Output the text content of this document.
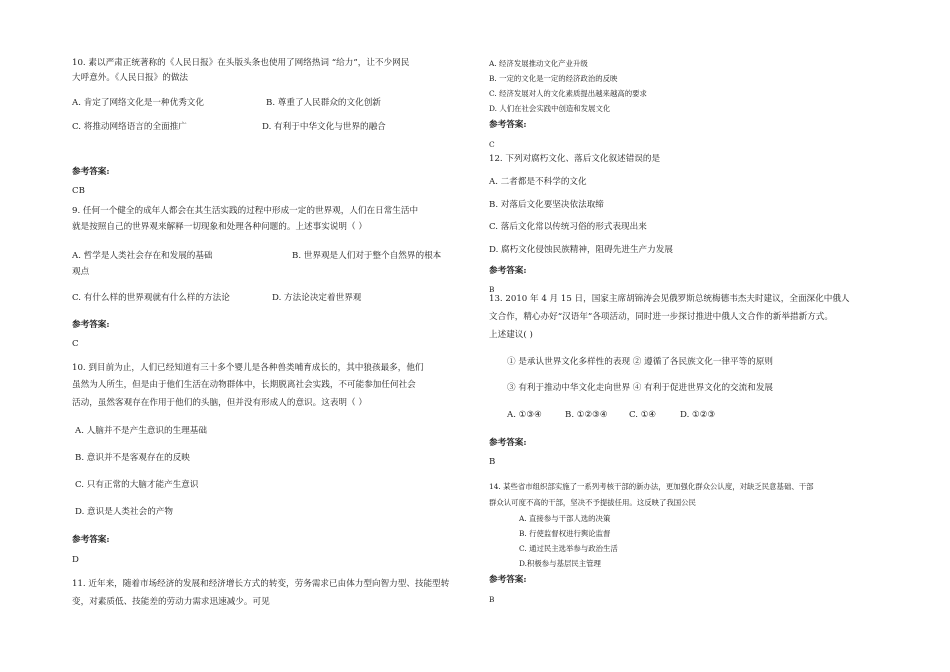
10. 素以严肃正统著称的《人民日报》在头版头条也使用了网络热词 “给力”，让不少网民
大呼意外。《人民日报》的做法
A. 肯定了网络文化是一种优秀文化	B. 尊重了人民群众的文化创新
C. 将推动网络语言的全面推广	D. 有利于中华文化与世界的融合
参考答案:
CB
9. 任何一个健全的成年人都会在其生活实践的过程中形成一定的世界观，人们在日常生活中
就是按照自己的世界观来解释一切现象和处理各种问题的。上述事实说明（ ）
A. 哲学是人类社会存在和发展的基础	B. 世界观是人们对于整个自然界的根本
观点
C. 有什么样的世界观就有什么样的方法论	D. 方法论决定着世界观
参考答案:
C
10. 到目前为止，人们已经知道有三十多个婴儿是各种兽类哺育成长的，其中狼孩最多，他们
虽然为人所生，但是由于他们生活在动物群体中，长期脱离社会实践，不可能参加任何社会
活动，虽然客观存在作用于他们的头脑，但并没有形成人的意识。这表明（ ）
A. 人脑并不是产生意识的生理基础
B. 意识并不是客观存在的反映
C. 只有正常的大脑才能产生意识
D. 意识是人类社会的产物
参考答案:
D
11. 近年来，随着市场经济的发展和经济增长方式的转变，劳务需求已由体力型向智力型、技能型转
变，对素质低、技能差的劳动力需求迅速减少。可见
A. 经济发展推动文化产业升级
B. 一定的文化是一定的经济政治的反映
C. 经济发展对人的文化素质提出越来越高的要求
D. 人们在社会实践中创造和发展文化
参考答案:
C
12. 下列对腐朽文化、落后文化叙述错误的是
A. 二者都是不科学的文化
B. 对落后文化要坚决依法取缔
C. 落后文化常以传统习俗的形式表现出来
D. 腐朽文化侵蚀民族精神，阻碍先进生产力发展
参考答案:
B
13. 2010 年 4 月 15 日，国家主席胡锦涛会见俄罗斯总统梅德韦杰夫时建议，全面深化中俄人
文合作，精心办好“汉语年”各项活动，同时进一步探讨推进中俄人文合作的新举措新方式。
上述建议( )
① 是承认世界文化多样性的表现 ② 遵循了各民族文化一律平等的原则
③ 有利于推动中华文化走向世界 ④ 有利于促进世界文化的交流和发展
A. ①③④	B. ①②③④ C. ①④	D. ①②③
参考答案:
B
14. 某些省市组织部实施了一系列考核干部的新办法，更加强化群众公认度，对缺乏民意基础、干部
群众认可度不高的干部，坚决不予提拔任用。这反映了我国公民
A. 直接参与干部人选的决策
B. 行使监督权进行舆论监督
C. 通过民主选举参与政治生活
D.积极参与基层民主管理
参考答案:
B
